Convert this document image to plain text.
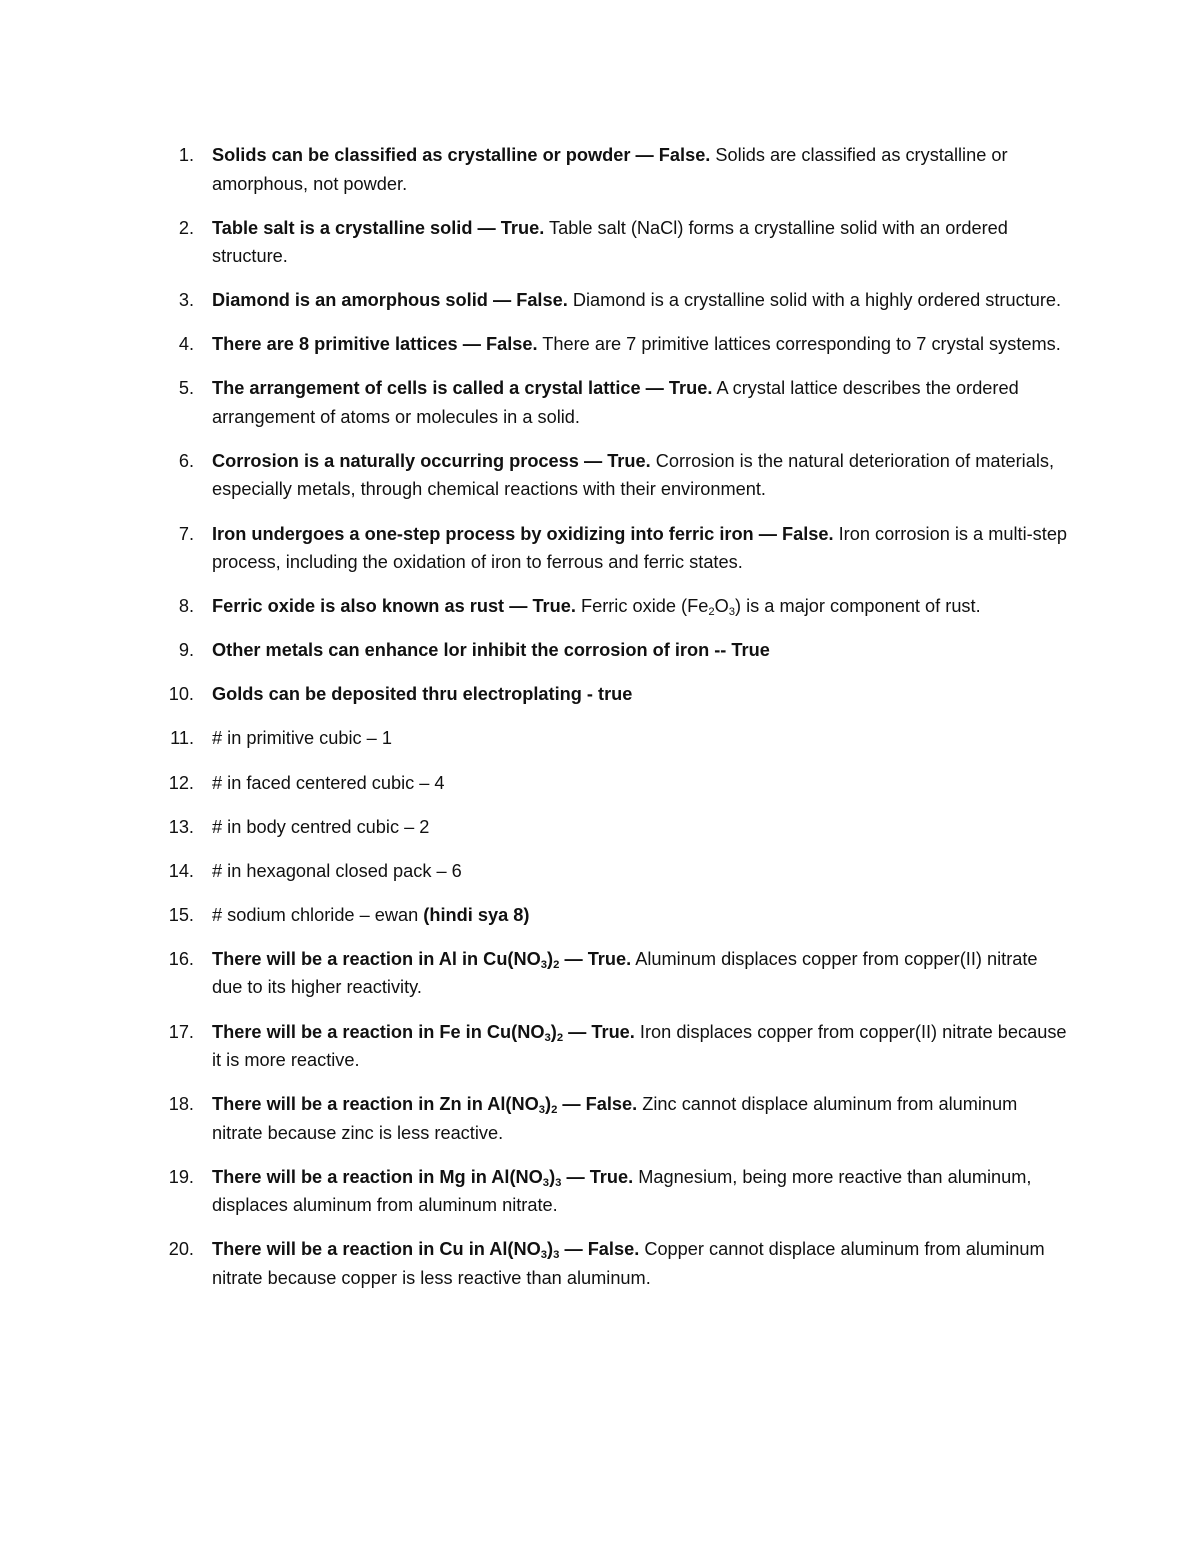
1. Solids can be classified as crystalline or powder — False. Solids are classified as crystalline or amorphous, not powder.
2. Table salt is a crystalline solid — True. Table salt (NaCl) forms a crystalline solid with an ordered structure.
3. Diamond is an amorphous solid — False. Diamond is a crystalline solid with a highly ordered structure.
4. There are 8 primitive lattices — False. There are 7 primitive lattices corresponding to 7 crystal systems.
5. The arrangement of cells is called a crystal lattice — True. A crystal lattice describes the ordered arrangement of atoms or molecules in a solid.
6. Corrosion is a naturally occurring process — True. Corrosion is the natural deterioration of materials, especially metals, through chemical reactions with their environment.
7. Iron undergoes a one-step process by oxidizing into ferric iron — False. Iron corrosion is a multi-step process, including the oxidation of iron to ferrous and ferric states.
8. Ferric oxide is also known as rust — True. Ferric oxide $(Fe_2O_3)$ is a major component of rust.
9. Other metals can enhance lor inhibit the corrosion of iron -- True
10. Golds can be deposited thru electroplating - true
11. # in primitive cubic – 1
12. # in faced centered cubic – 4
13. # in body centred cubic – 2
14. # in hexagonal closed pack – 6
15. # sodium chloride – ewan (hindi sya 8)
16. There will be a reaction in Al in $Cu(NO_3)_2$ — True. Aluminum displaces copper from copper(II) nitrate due to its higher reactivity.
17. There will be a reaction in Fe in $Cu(NO_3)_2$ — True. Iron displaces copper from copper(II) nitrate because it is more reactive.
18. There will be a reaction in Zn in $Al(NO_3)_2$ — False. Zinc cannot displace aluminum from aluminum nitrate because zinc is less reactive.
19. There will be a reaction in Mg in $Al(NO_3)_3$ — True. Magnesium, being more reactive than aluminum, displaces aluminum from aluminum nitrate.
20. There will be a reaction in Cu in $Al(NO_3)_3$ — False. Copper cannot displace aluminum from aluminum nitrate because copper is less reactive than aluminum.
